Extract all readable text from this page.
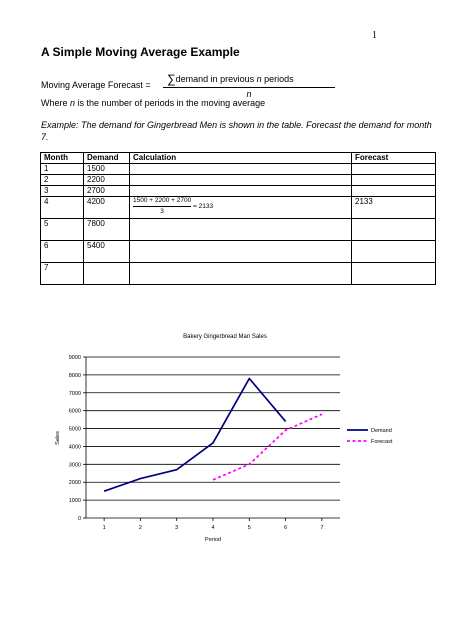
1
A Simple Moving Average Example
Moving Average Forecast =	∑demand in previous n periods
n
Where n is the number of periods in the moving average
Example: The demand for Gingerbread Men is shown in the table. Forecast the demand for month 7.
Month	Demand	Calculation	Forecast
1	1500		
2	2200		
3	2700		
4	4200	$\frac{1500 + 2200 + 2700}{3} = 2133$	2133
5	7800		
6	5400		
7			
Bakery Gingerbread Man Sales
0
1000
2000
3000
4000
5000
6000
7000
8000
9000
1	2	3	4	5	6	7
Period
Sales
Demand
Forecast
